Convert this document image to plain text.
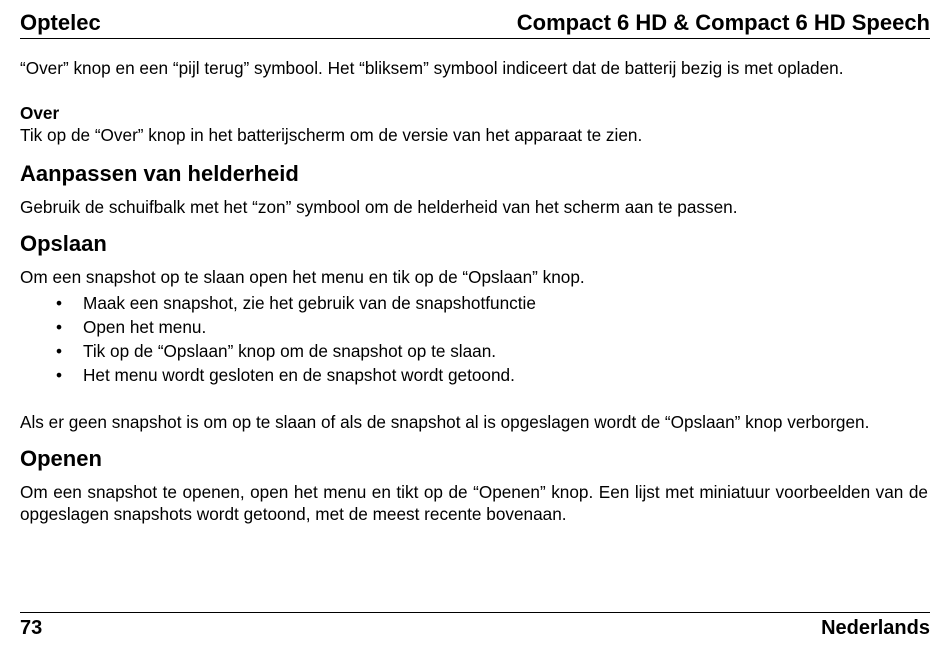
Optelec	Compact 6 HD & Compact 6 HD Speech

“Over” knop en een “pijl terug” symbool. Het “bliksem” symbool indiceert dat de batterij bezig is met opladen.

Over

Tik op de “Over” knop in het batterijscherm om de versie van het apparaat te zien.

Aanpassen van helderheid

Gebruik de schuifbalk met het “zon” symbool om de helderheid van het scherm aan te passen.

Opslaan

Om een snapshot op te slaan open het menu en tik op de “Opslaan” knop.

• Maak een snapshot, zie het gebruik van de snapshotfunctie
• Open het menu.
• Tik op de “Opslaan” knop om de snapshot op te slaan.
• Het menu wordt gesloten en de snapshot wordt getoond.

Als er geen snapshot is om op te slaan of als de snapshot al is opgeslagen wordt de “Opslaan” knop verborgen.

Openen

Om een snapshot te openen, open het menu en tikt op de “Openen” knop. Een lijst met miniatuur voorbeelden van de opgeslagen snapshots wordt getoond, met de meest recente bovenaan.

73	Nederlands
